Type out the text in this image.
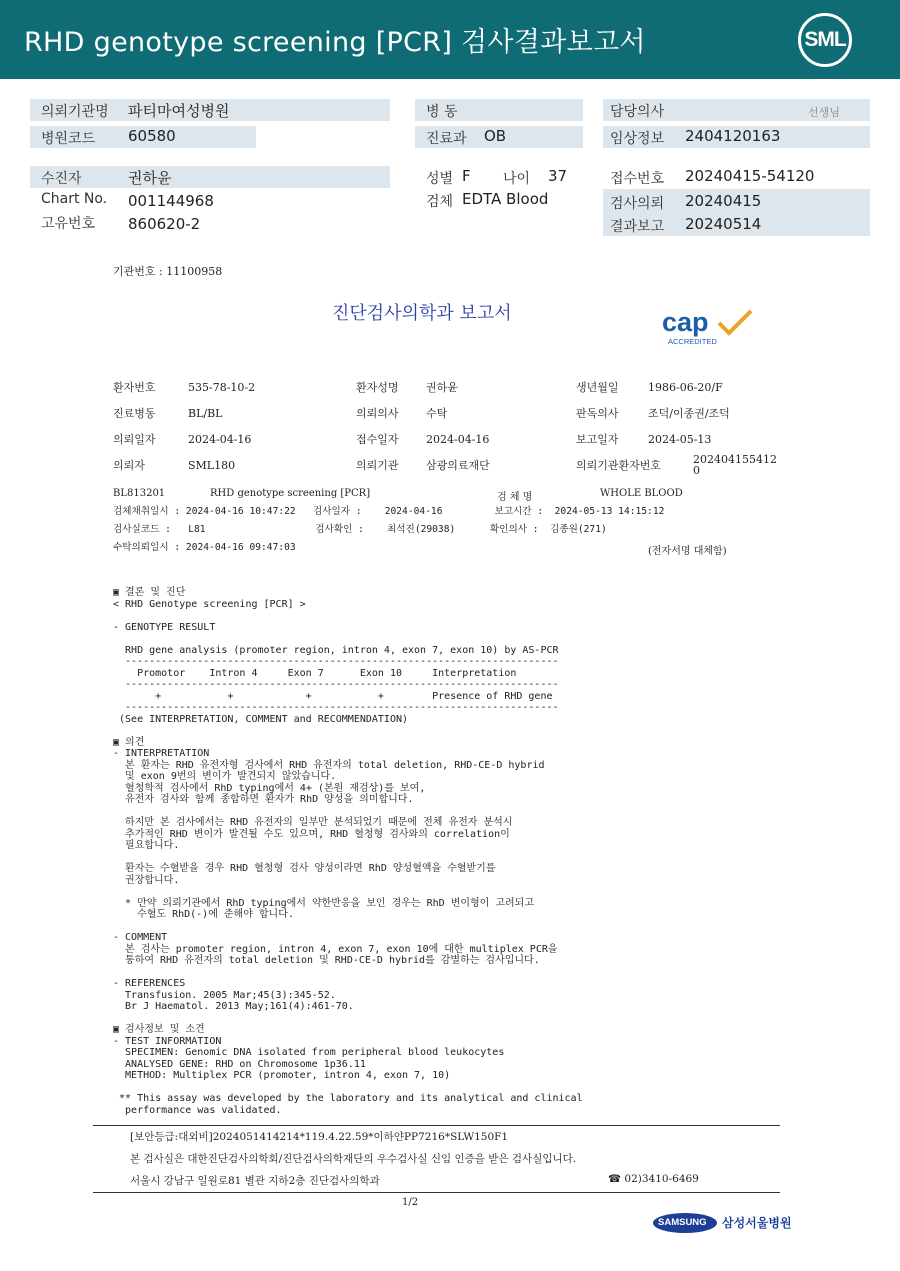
RHD genotype screening [PCR] 검사결과보고서	SML
의뢰기관명 파티마여성병원
병원코드 60580
병 동
진료과 OB
담당의사	선생님
임상정보 2404120163
수진자	권하윤
Chart No. 001144968
고유번호 860620-2
성별 F 나이 37
검체 EDTA Blood
접수번호 20240415-54120
검사의뢰 20240415
결과보고 20240514
기관번호 : 11100958
진단검사의학과 보고서	cap
ACCREDITED
환자번호	535-78-10-2	환자성명 권하윤	생년월일	1986-06-20/F
진료병동	BL/BL	의뢰의사 수탁	판독의사	조덕/이종권/조덕
의뢰일자	2024-04-16	접수일자 2024-04-16	보고일자	2024-05-13
의뢰자	SML180	의뢰기관 삼광의료재단	의뢰기관환자번호	202404155412
0
BL813201	RHD genotype screening [PCR]	검 체 명	WHOLE BLOOD
검체채취일시 : 2024-04-16 10:47:22   검사일자 :    2024-04-16         보고시간 :  2024-05-13 14:15:12
검사실코드 :   L81                   검사확인 :    최석진(29038)      확인의사 :  김종원(271)
수탁의뢰일시 : 2024-04-16 09:47:03	(전자서명 대체함)
▣ 결론 및 진단
< RHD Genotype screening [PCR] >

- GENOTYPE RESULT

RHD gene analysis (promoter region, intron 4, exon 7, exon 10) by AS-PCR
------------------------------------------------------------------------
Promotor    Intron 4     Exon 7      Exon 10     Interpretation
------------------------------------------------------------------------
+           +            +           +        Presence of RHD gene
------------------------------------------------------------------------
(See INTERPRETATION, COMMENT and RECOMMENDATION)

▣ 의견
- INTERPRETATION
본 환자는 RHD 유전자형 검사에서 RHD 유전자의 total deletion, RHD-CE-D hybrid
및 exon 9번의 변이가 발견되지 않았습니다.
혈청학적 검사에서 RhD typing에서 4+ (본원 재검상)를 보여,
유전자 검사와 함께 종합하면 환자가 RhD 양성을 의미합니다.

하지만 본 검사에서는 RHD 유전자의 일부만 분석되었기 때문에 전체 유전자 분석시
추가적인 RHD 변이가 발견될 수도 있으며, RHD 혈청형 검사와의 correlation이
필요합니다.

환자는 수혈받을 경우 RHD 혈청형 검사 양성이라면 RhD 양성혈액을 수혈받기를
권장합니다.

* 만약 의뢰기관에서 RhD typing에서 약한반응을 보인 경우는 RhD 변이형이 고려되고
수혈도 RhD(-)에 준해야 합니다.

- COMMENT
본 검사는 promoter region, intron 4, exon 7, exon 10에 대한 multiplex PCR을
통하여 RHD 유전자의 total deletion 및 RHD-CE-D hybrid를 감별하는 검사입니다.

- REFERENCES
Transfusion. 2005 Mar;45(3):345-52.
Br J Haematol. 2013 May;161(4):461-70.

▣ 검사정보 및 소견
- TEST INFORMATION
SPECIMEN: Genomic DNA isolated from peripheral blood leukocytes
ANALYSED GENE: RHD on Chromosome 1p36.11
METHOD: Multiplex PCR (promoter, intron 4, exon 7, 10)

** This assay was developed by the laboratory and its analytical and clinical
performance was validated.
[보안등급:대외비]2024051414214*119.4.22.59*이하얀PP7216*SLW150F1
본 검사실은 대한진단검사의학회/진단검사의학재단의 우수검사실 신임 인증을 받은 검사실입니다.
서울시 강남구 일원로81 별관 지하2층 진단검사의학과	☎ 02)3410-6469
1/2
SAMSUNG 삼성서울병원
